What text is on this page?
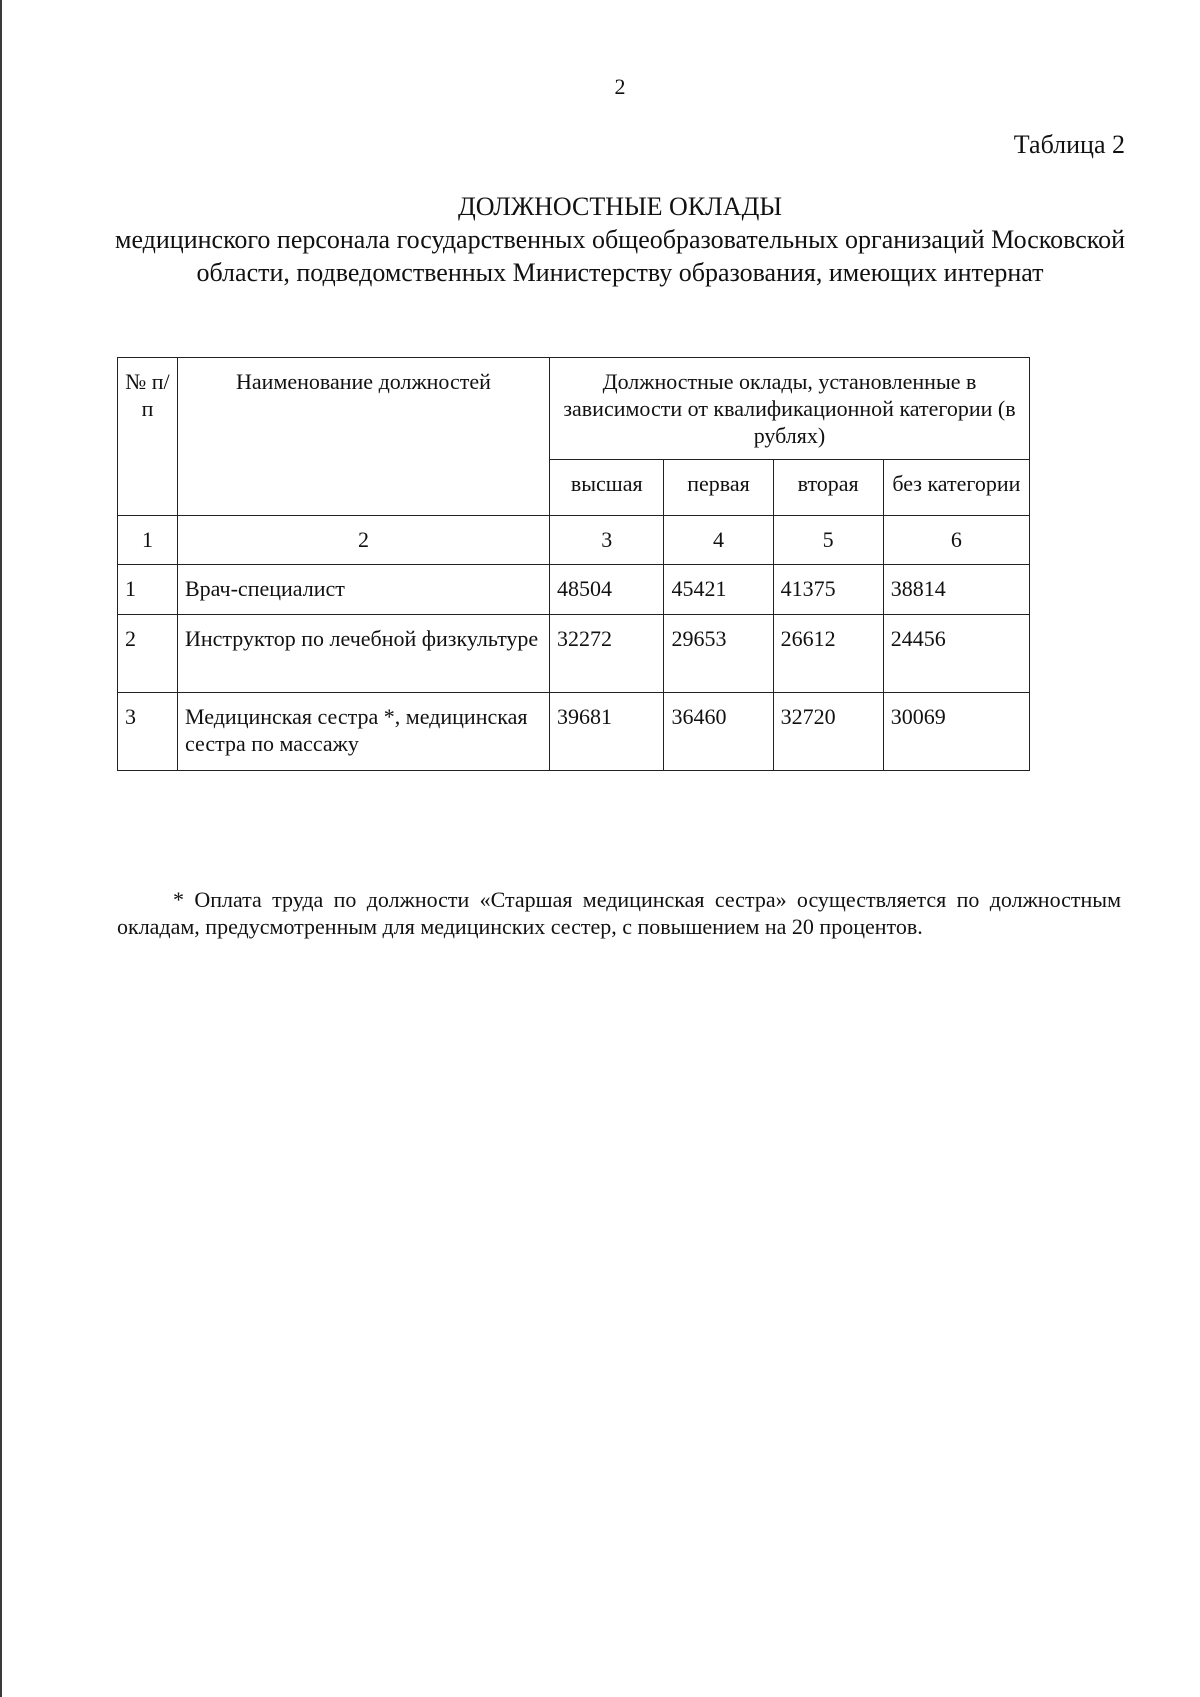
2
Таблица 2
ДОЛЖНОСТНЫЕ ОКЛАДЫ
медицинского персонала государственных общеобразовательных организаций Московской области, подведомственных Министерству образования, имеющих интернат
№ п/п	Наименование должностей	Должностные оклады, установленные в зависимости от квалификационной категории (в рублях)			
		высшая	первая	вторая	без категории
1	2	3	4	5	6
1	Врач-специалист	48504	45421	41375	38814
2	Инструктор по лечебной физкультуре	32272	29653	26612	24456
3	Медицинская сестра *, медицинская сестра по массажу	39681	36460	32720	30069
* Оплата труда по должности «Старшая медицинская сестра» осуществляется по должностным окладам, предусмотренным для медицинских сестер, с повышением на 20 процентов.
